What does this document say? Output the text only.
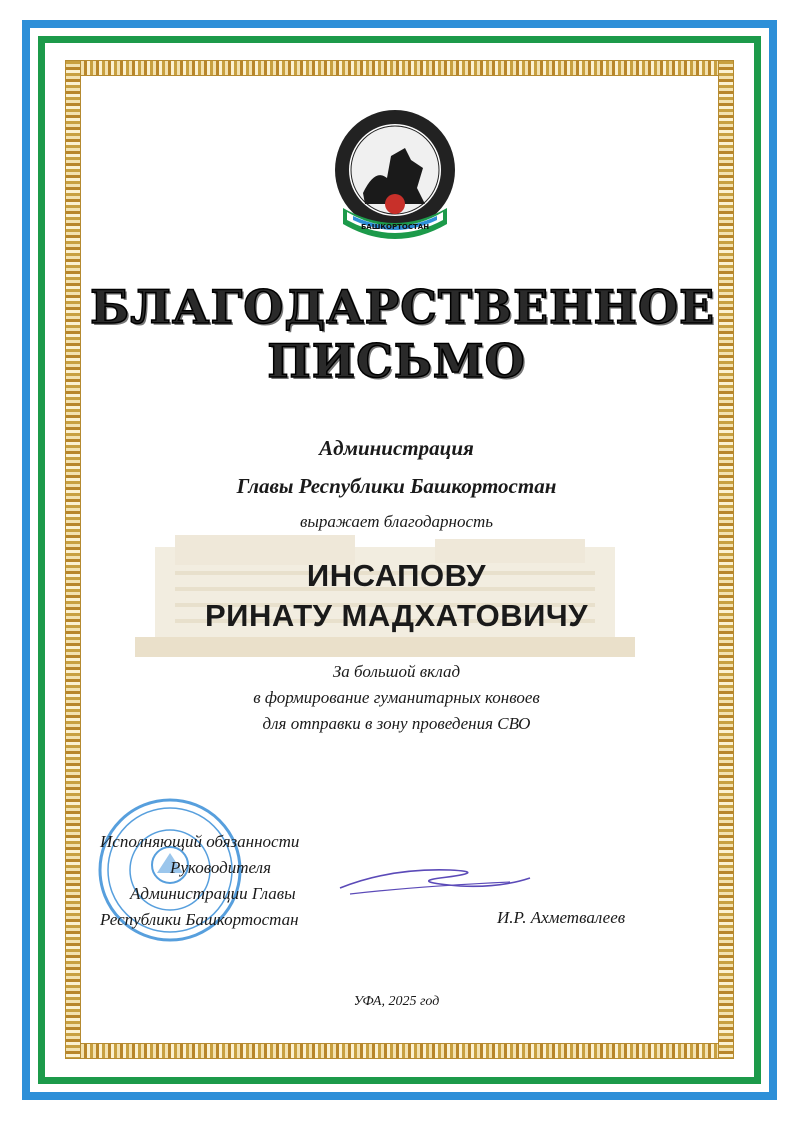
БАШКОРТОСТАН
БЛАГОДАРСТВЕННОЕ
ПИСЬМО
Администрация
Главы Республики Башкортостан
выражает благодарность
ИНСАПОВУ
РИНАТУ МАДХАТОВИЧУ
За большой вклад
в формирование гуманитарных конвоев
для отправки в зону проведения СВО
Исполняющий обязанности
Руководителя
Администрации Главы
Республики Башкортостан	И.Р. Ахметвалеев
УФА, 2025 год
